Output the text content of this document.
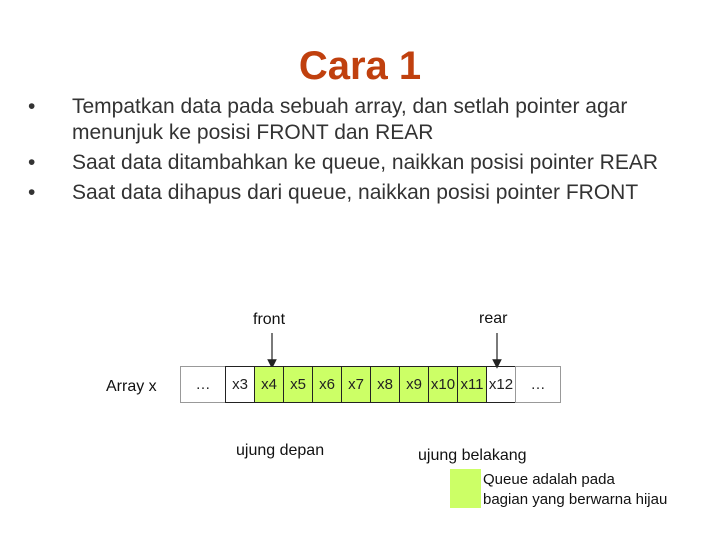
Cara 1
• Tempatkan data pada sebuah array, dan setlah pointer agar menunjuk ke posisi FRONT dan REAR
• Saat data ditambahkan ke queue, naikkan posisi pointer REAR
• Saat data dihapus dari queue, naikkan posisi pointer FRONT
front	rear
Array x	…	x3 x4 x5 x6 x7 x8 x9 x10 x11 x12	…
ujung depan	ujung belakang
Queue adalah pada
bagian yang berwarna hijau
